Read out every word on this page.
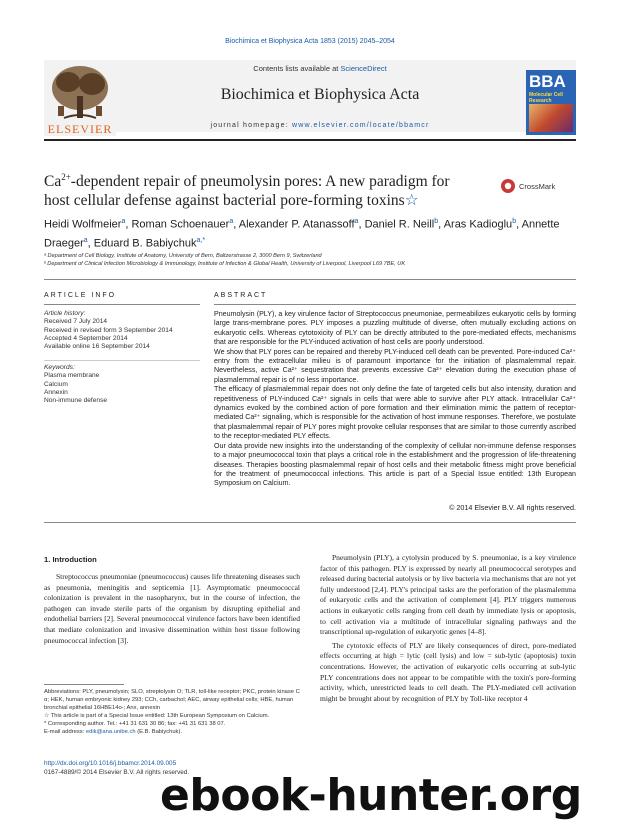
Biochimica et Biophysica Acta 1853 (2015) 2045–2054
ELSEVIER
Contents lists available at ScienceDirect
Biochimica et Biophysica Acta
journal homepage: www.elsevier.com/locate/bbamcr
BBA
Molecular Cell Research
$Ca^{2+}$-dependent repair of pneumolysin pores: A new paradigm for host cellular defense against bacterial pore-forming toxins☆
CrossMark
Heidi Wolfmeier$^a$, Roman Schoenauer$^a$, Alexander P. Atanassoff$^a$, Daniel R. Neill$^b$, Aras Kadioglu$^b$, Annette Draeger$^a$, Eduard B. Babiychuk$^{a,*}$
ᵃ Department of Cell Biology, Institute of Anatomy, University of Bern, Baltzerstrasse 2, 3000 Bern 9, Switzerland
ᵇ Department of Clinical Infection Microbiology & Immunology, Institute of Infection & Global Health, University of Liverpool, Liverpool L69 7BE, UK
ARTICLE INFO	ABSTRACT
Article history:
Received 7 July 2014
Received in revised form 3 September 2014
Accepted 4 September 2014
Available online 16 September 2014
Keywords:
Plasma membrane
Calcium
Annexin
Non-immune defense

Pneumolysin (PLY), a key virulence factor of Streptococcus pneumoniae, permeabilizes eukaryotic cells by forming large trans-membrane pores. PLY imposes a puzzling multitude of diverse, often mutually excluding actions on eukaryotic cells. Whereas cytotoxicity of PLY can be directly attributed to the pore-mediated effects, mechanisms that are responsible for the PLY-induced activation of host cells are poorly understood.

We show that PLY pores can be repaired and thereby PLY-induced cell death can be prevented. Pore-induced Ca²⁺ entry from the extracellular milieu is of paramount importance for the initiation of plasmalemmal repair. Nevertheless, active Ca²⁺ sequestration that prevents excessive Ca²⁺ elevation during the execution phase of plasmalemmal repair is of no less importance.

The efficacy of plasmalemmal repair does not only define the fate of targeted cells but also intensity, duration and repetitiveness of PLY-induced Ca²⁺ signals in cells that were able to survive after PLY attack. Intracellular Ca²⁺ dynamics evoked by the combined action of pore formation and their elimination mimic the pattern of receptor-mediated Ca²⁺ signaling, which is responsible for the activation of host immune responses. Therefore, we postulate that plasmalemmal repair of PLY pores might provoke cellular responses that are similar to those currently ascribed to the receptor-mediated PLY effects.

Our data provide new insights into the understanding of the complexity of cellular non-immune defense responses to a major pneumococcal toxin that plays a critical role in the establishment and the progression of life-threatening diseases. Therapies boosting plasmalemmal repair of host cells and their metabolic fitness might prove beneficial for the treatment of pneumococcal infections. This article is part of a Special Issue entitled: 13th European Symposium on Calcium.

© 2014 Elsevier B.V. All rights reserved.
1. Introduction

Streptococcus pneumoniae (pneumococcus) causes life threatening diseases such as pneumonia, meningitis and septicemia [1]. Asymptomatic pneumococcal colonization is prevalent in the nasopharynx, but in the course of infection, the pathogen can invade sterile parts of the organism by disrupting epithelial and endothelial barriers [2]. Several pneumococcal virulence factors have been identified that mediate colonization and invasive dissemination within host tissue following pneumococcal infection [3].

Pneumolysin (PLY), a cytolysin produced by S. pneumoniae, is a key virulence factor of this pathogen. PLY is expressed by nearly all pneumococcal serotypes and released during bacterial autolysis or by live bacteria via mechanisms that are not yet fully understood [2,4]. PLY's principal tasks are the perforation of the plasmalemma of eukaryotic cells and the activation of complement [4]. PLY triggers numerous actions in eukaryotic cells ranging from cell death by immediate lysis or apoptosis, to cell activation via a multitude of intracellular signaling pathways and the transcriptional up-regulation of eukaryotic genes [4–8].

The cytotoxic effects of PLY are likely consequences of direct, pore-mediated effects occurring at high = lytic (cell lysis) and low = sub-lytic (apoptosis) toxin concentrations. However, the activation of eukaryotic cells occurring at sub-lytic PLY concentrations does not appear to be compatible with the toxin's pore-forming activity, which, unrestricted leads to cell death. The PLY-mediated cell activation might be brought about by recognition of PLY by Toll-like receptor 4

Abbreviations: PLY, pneumolysin; SLO, streptolysin O; TLR, toll-like receptor; PKC, protein kinase C α; HEK, human embryonic kidney 293; CCh, carbachol; AEC, airway epithelial cells; HBE, human bronchial epithelial 16HBE14o-; Anx, annexin

☆ This article is part of a Special Issue entitled: 13th European Symposium on Calcium.

* Corresponding author. Tel.: +41 31 631 30 86; fax: +41 31 631 38 07.

E-mail address: edik@ana.unibe.ch (E.B. Babiychuk).

http://dx.doi.org/10.1016/j.bbamcr.2014.09.005
0167-4889/© 2014 Elsevier B.V. All rights reserved.
ebook-hunter.org
